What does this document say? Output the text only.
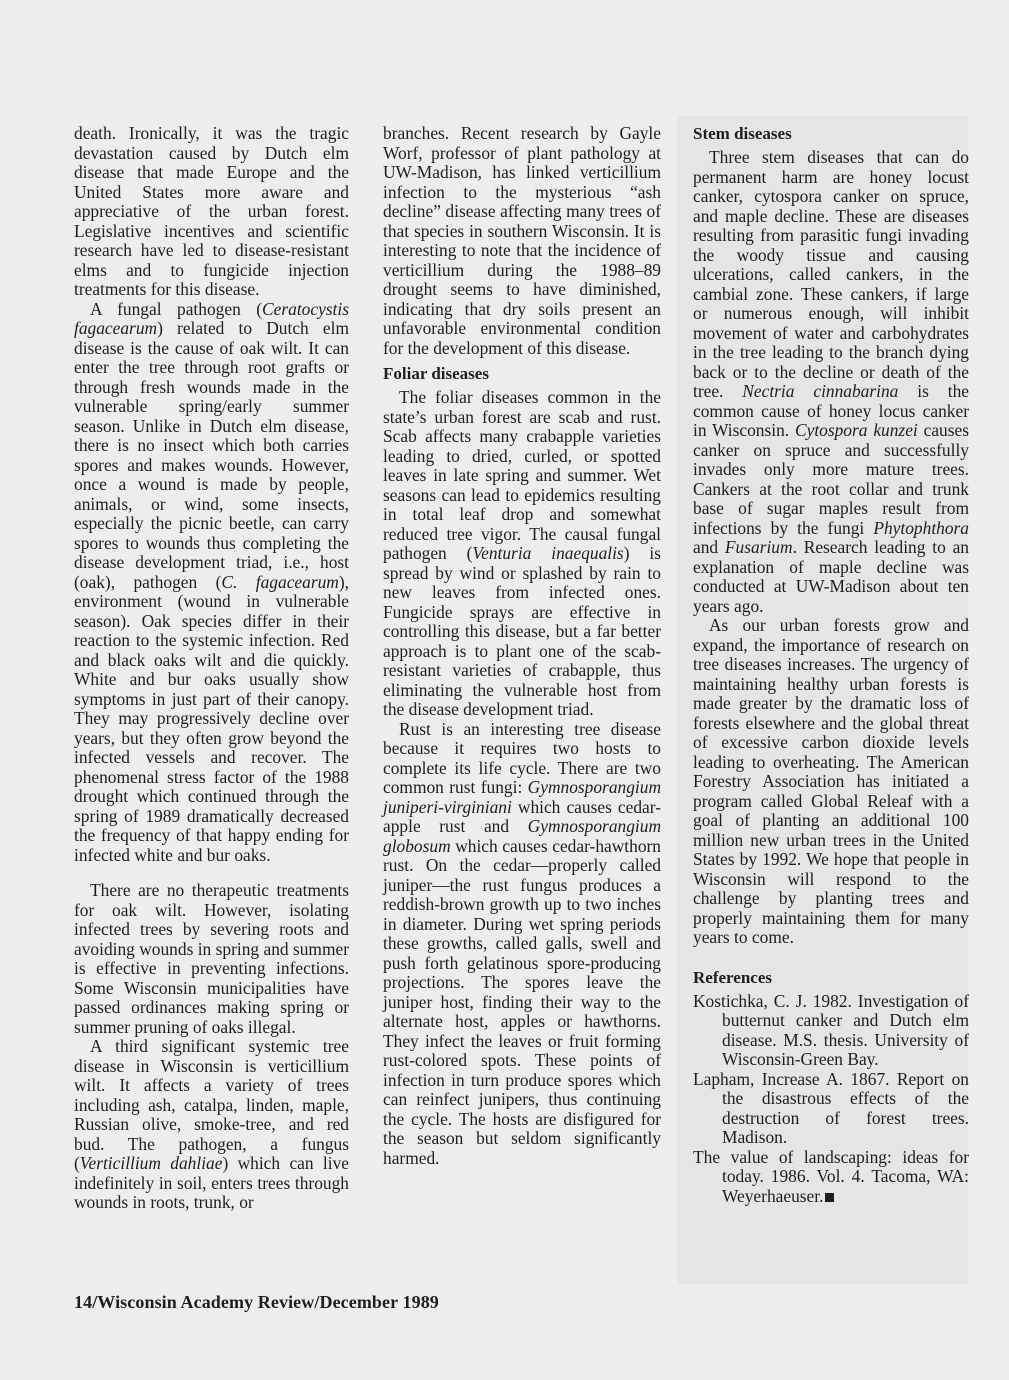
death. Ironically, it was the tragic devastation caused by Dutch elm disease that made Europe and the United States more aware and appreciative of the urban forest. Legislative incentives and scientific research have led to disease-resistant elms and to fungicide injection treatments for this disease.

A fungal pathogen (Ceratocystis fagacearum) related to Dutch elm disease is the cause of oak wilt. It can enter the tree through root grafts or through fresh wounds made in the vulnerable spring/early summer season. Unlike in Dutch elm disease, there is no insect which both carries spores and makes wounds. However, once a wound is made by people, animals, or wind, some insects, especially the picnic beetle, can carry spores to wounds thus completing the disease development triad, i.e., host (oak), pathogen (C. fagacearum), environment (wound in vulnerable season). Oak species differ in their reaction to the systemic infection. Red and black oaks wilt and die quickly. White and bur oaks usually show symptoms in just part of their canopy. They may progressively decline over years, but they often grow beyond the infected vessels and recover. The phenomenal stress factor of the 1988 drought which continued through the spring of 1989 dramatically decreased the frequency of that happy ending for infected white and bur oaks.

There are no therapeutic treatments for oak wilt. However, isolating infected trees by severing roots and avoiding wounds in spring and summer is effective in preventing infections. Some Wisconsin municipalities have passed ordinances making spring or summer pruning of oaks illegal.

A third significant systemic tree disease in Wisconsin is verticillium wilt. It affects a variety of trees including ash, catalpa, linden, maple, Russian olive, smoke-tree, and red bud. The pathogen, a fungus (Verticillium dahliae) which can live indefinitely in soil, enters trees through wounds in roots, trunk, or

branches. Recent research by Gayle Worf, professor of plant pathology at UW-Madison, has linked verticillium infection to the mysterious “ash decline” disease affecting many trees of that species in southern Wisconsin. It is interesting to note that the incidence of verticillium during the 1988–89 drought seems to have diminished, indicating that dry soils present an unfavorable environmental condition for the development of this disease.

Foliar diseases

The foliar diseases common in the state’s urban forest are scab and rust. Scab affects many crabapple varieties leading to dried, curled, or spotted leaves in late spring and summer. Wet seasons can lead to epidemics resulting in total leaf drop and somewhat reduced tree vigor. The causal fungal pathogen (Venturia inaequalis) is spread by wind or splashed by rain to new leaves from infected ones. Fungicide sprays are effective in controlling this disease, but a far better approach is to plant one of the scab-resistant varieties of crabapple, thus eliminating the vulnerable host from the disease development triad.

Rust is an interesting tree disease because it requires two hosts to complete its life cycle. There are two common rust fungi: Gymnosporangium juniperi-virginiani which causes cedar-apple rust and Gymnosporangium globosum which causes cedar-hawthorn rust. On the cedar—properly called juniper—the rust fungus produces a reddish-brown growth up to two inches in diameter. During wet spring periods these growths, called galls, swell and push forth gelatinous spore-producing projections. The spores leave the juniper host, finding their way to the alternate host, apples or hawthorns. They infect the leaves or fruit forming rust-colored spots. These points of infection in turn produce spores which can reinfect junipers, thus continuing the cycle. The hosts are disfigured for the season but seldom significantly harmed.

Stem diseases

Three stem diseases that can do permanent harm are honey locust canker, cytospora canker on spruce, and maple decline. These are diseases resulting from parasitic fungi invading the woody tissue and causing ulcerations, called cankers, in the cambial zone. These cankers, if large or numerous enough, will inhibit movement of water and carbohydrates in the tree leading to the branch dying back or to the decline or death of the tree. Nectria cinnabarina is the common cause of honey locus canker in Wisconsin. Cytospora kunzei causes canker on spruce and successfully invades only more mature trees. Cankers at the root collar and trunk base of sugar maples result from infections by the fungi Phytophthora and Fusarium. Research leading to an explanation of maple decline was conducted at UW-Madison about ten years ago.

As our urban forests grow and expand, the importance of research on tree diseases increases. The urgency of maintaining healthy urban forests is made greater by the dramatic loss of forests elsewhere and the global threat of excessive carbon dioxide levels leading to overheating. The American Forestry Association has initiated a program called Global Releaf with a goal of planting an additional 100 million new urban trees in the United States by 1992. We hope that people in Wisconsin will respond to the challenge by planting trees and properly maintaining them for many years to come.

References

Kostichka, C. J. 1982. Investigation of butternut canker and Dutch elm disease. M.S. thesis. University of Wisconsin-Green Bay.

Lapham, Increase A. 1867. Report on the disastrous effects of the destruction of forest trees. Madison.

The value of landscaping: ideas for today. 1986. Vol. 4. Tacoma, WA: Weyerhaeuser.

14/Wisconsin Academy Review/December 1989
